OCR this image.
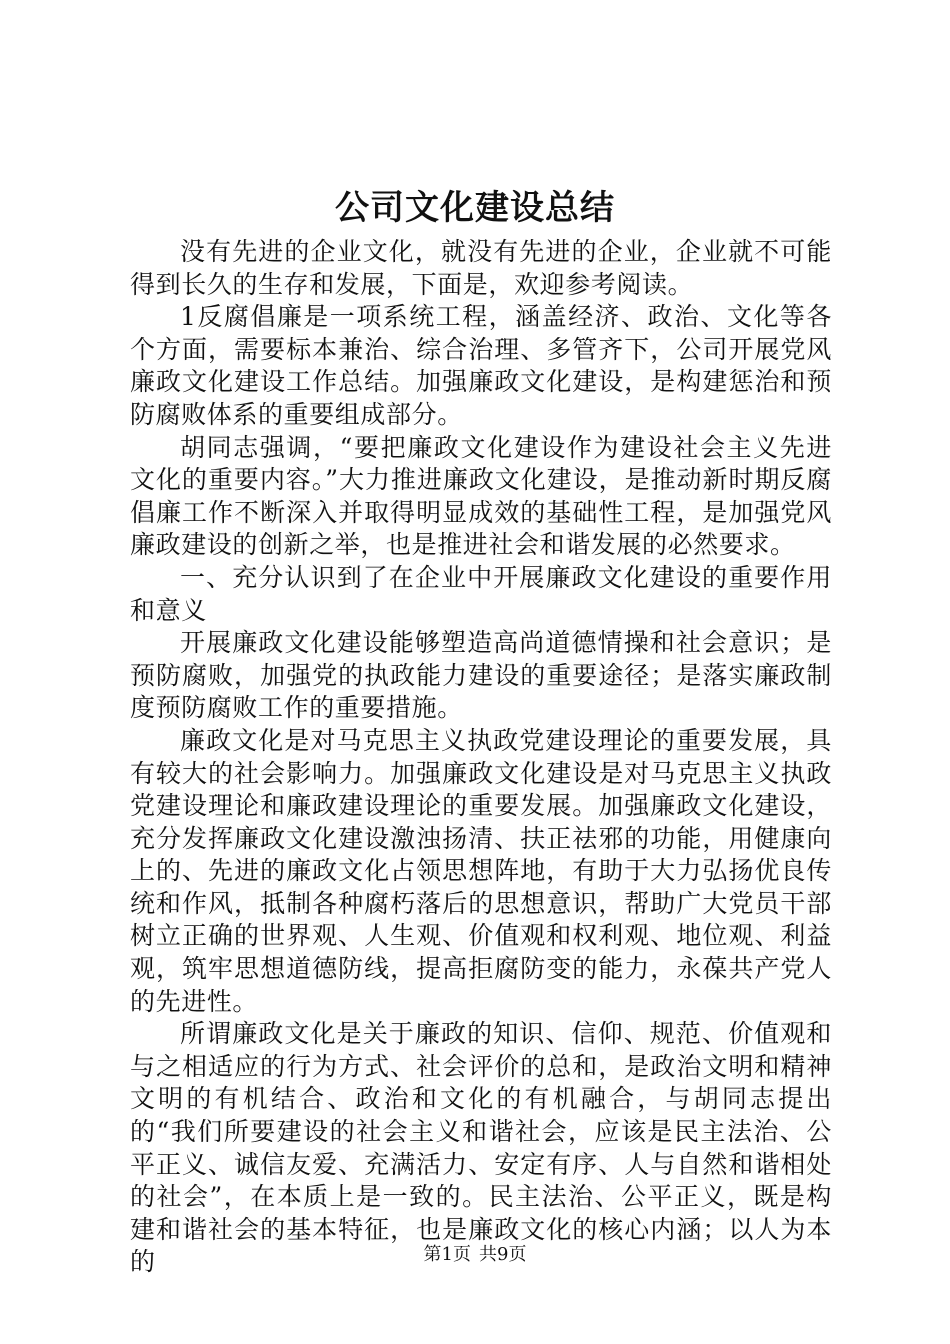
公司文化建设总结

没有先进的企业文化，就没有先进的企业，企业就不可能得到长久的生存和发展，下面是，欢迎参考阅读。

1反腐倡廉是一项系统工程，涵盖经济、政治、文化等各个方面，需要标本兼治、综合治理、多管齐下，公司开展党风廉政文化建设工作总结。加强廉政文化建设，是构建惩治和预防腐败体系的重要组成部分。

胡同志强调，“要把廉政文化建设作为建设社会主义先进文化的重要内容。”大力推进廉政文化建设，是推动新时期反腐倡廉工作不断深入并取得明显成效的基础性工程，是加强党风廉政建设的创新之举，也是推进社会和谐发展的必然要求。

一、充分认识到了在企业中开展廉政文化建设的重要作用和意义

开展廉政文化建设能够塑造高尚道德情操和社会意识；是预防腐败，加强党的执政能力建设的重要途径；是落实廉政制度预防腐败工作的重要措施。

廉政文化是对马克思主义执政党建设理论的重要发展，具有较大的社会影响力。加强廉政文化建设是对马克思主义执政党建设理论和廉政建设理论的重要发展。加强廉政文化建设，充分发挥廉政文化建设激浊扬清、扶正祛邪的功能，用健康向上的、先进的廉政文化占领思想阵地，有助于大力弘扬优良传统和作风，抵制各种腐朽落后的思想意识，帮助广大党员干部树立正确的世界观、人生观、价值观和权利观、地位观、利益观，筑牢思想道德防线，提高拒腐防变的能力，永葆共产党人的先进性。

所谓廉政文化是关于廉政的知识、信仰、规范、价值观和与之相适应的行为方式、社会评价的总和，是政治文明和精神文明的有机结合、政治和文化的有机融合，与胡同志提出的“我们所要建设的社会主义和谐社会，应该是民主法治、公平正义、诚信友爱、充满活力、安定有序、人与自然和谐相处的社会”，在本质上是一致的。民主法治、公平正义，既是构建和谐社会的基本特征，也是廉政文化的核心内涵；以人为本的	第1页 共9页
